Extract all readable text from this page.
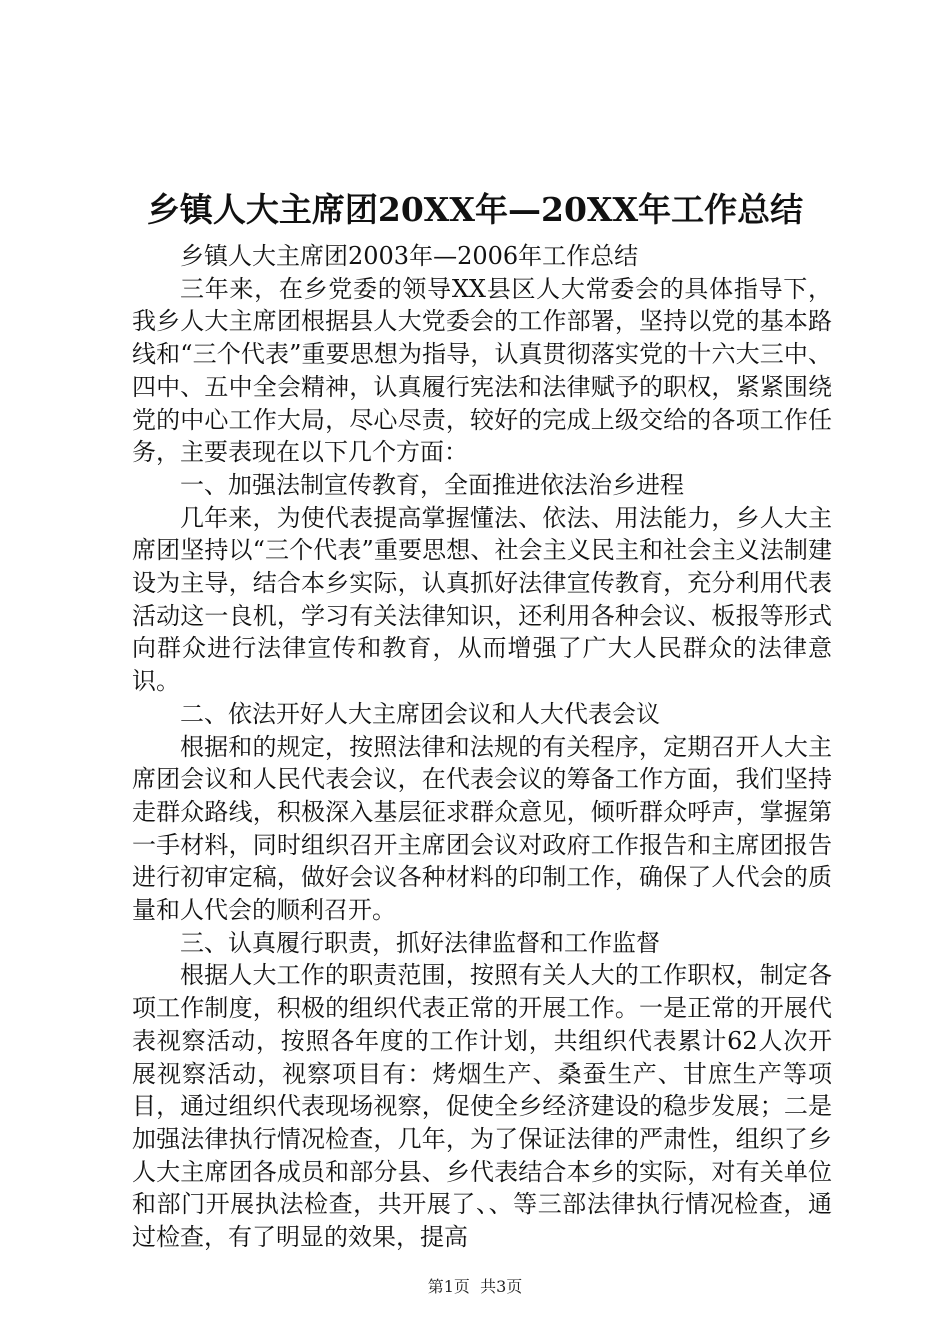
乡镇人大主席团20XX年—20XX年工作总结

乡镇人大主席团2003年—2006年工作总结

三年来，在乡党委的领导XX县区人大常委会的具体指导下，我乡人大主席团根据县人大党委会的工作部署，坚持以党的基本路线和“三个代表”重要思想为指导，认真贯彻落实党的十六大三中、四中、五中全会精神，认真履行宪法和法律赋予的职权，紧紧围绕党的中心工作大局，尽心尽责，较好的完成上级交给的各项工作任务，主要表现在以下几个方面：

一、加强法制宣传教育，全面推进依法治乡进程

几年来，为使代表提高掌握懂法、依法、用法能力，乡人大主席团坚持以“三个代表”重要思想、社会主义民主和社会主义法制建设为主导，结合本乡实际，认真抓好法律宣传教育，充分利用代表活动这一良机，学习有关法律知识，还利用各种会议、板报等形式向群众进行法律宣传和教育，从而增强了广大人民群众的法律意识。

二、依法开好人大主席团会议和人大代表会议

根据和的规定，按照法律和法规的有关程序，定期召开人大主席团会议和人民代表会议，在代表会议的筹备工作方面，我们坚持走群众路线，积极深入基层征求群众意见，倾听群众呼声，掌握第一手材料，同时组织召开主席团会议对政府工作报告和主席团报告进行初审定稿，做好会议各种材料的印制工作，确保了人代会的质量和人代会的顺利召开。

三、认真履行职责，抓好法律监督和工作监督

根据人大工作的职责范围，按照有关人大的工作职权，制定各项工作制度，积极的组织代表正常的开展工作。一是正常的开展代表视察活动，按照各年度的工作计划，共组织代表累计62人次开展视察活动，视察项目有：烤烟生产、桑蚕生产、甘庶生产等项目，通过组织代表现场视察，促使全乡经济建设的稳步发展；二是加强法律执行情况检查，几年，为了保证法律的严肃性，组织了乡人大主席团各成员和部分县、乡代表结合本乡的实际，对有关单位和部门开展执法检查，共开展了、、等三部法律执行情况检查，通过检查，有了明显的效果，提高

第1页  共3页
